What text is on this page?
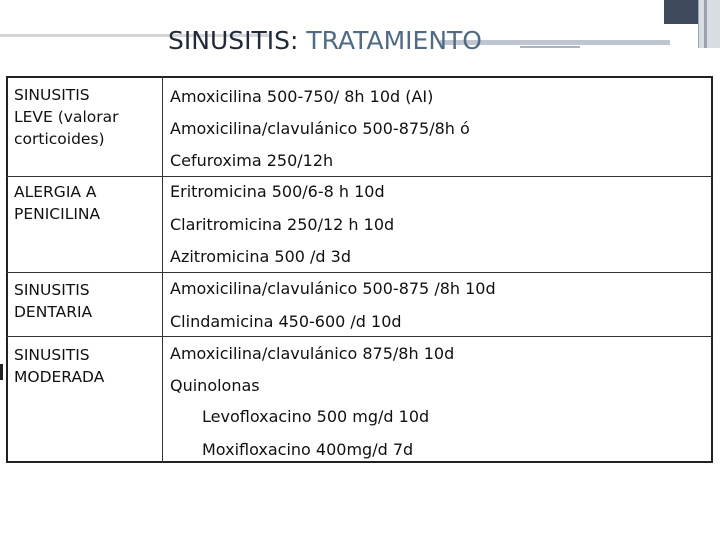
SINUSITIS: TRATAMIENTO
SINUSITIS
LEVE (valorar
corticoides)
Amoxicilina 500-750/ 8h 10d (AI)
Amoxicilina/clavulánico 500-875/8h ó
Cefuroxima 250/12h
ALERGIA A
PENICILINA
Eritromicina 500/6-8 h 10d
Claritromicina 250/12 h 10d
Azitromicina 500 /d 3d
SINUSITIS
DENTARIA
Amoxicilina/clavulánico 500-875 /8h 10d
Clindamicina 450-600 /d 10d
SINUSITIS
MODERADA
Amoxicilina/clavulánico 875/8h 10d
Quinolonas
Levofloxacino 500 mg/d 10d
Moxifloxacino 400mg/d 7d
